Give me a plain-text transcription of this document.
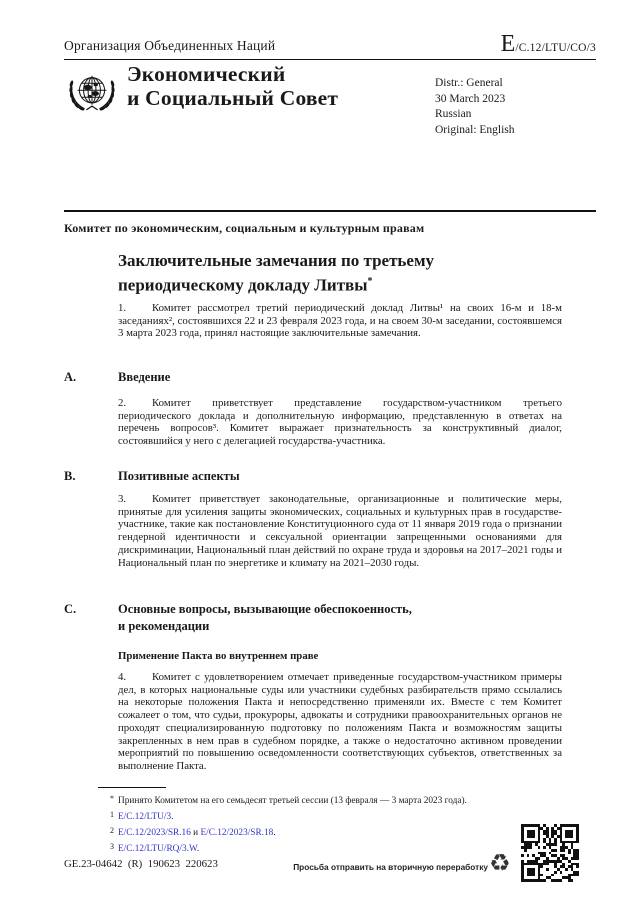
Организация Объединенных Наций	E /C.12/LTU/CO/3
Экономический
и Социальный Совет
Distr.: General
30 March 2023
Russian
Original: English
Комитет по экономическим, социальным и культурным правам
Заключительные замечания по третьему
периодическому докладу Литвы*
1. Комитет рассмотрел третий периодический доклад Литвы¹ на своих 16-м и 18-м заседаниях², состоявшихся 22 и 23 февраля 2023 года, и на своем 30-м заседании, состоявшемся 3 марта 2023 года, принял настоящие заключительные замечания.
A.	Введение
2. Комитет приветствует представление государством-участником третьего периодического доклада и дополнительную информацию, представленную в ответах на перечень вопросов³. Комитет выражает признательность за конструктивный диалог, состоявшийся у него с делегацией государства-участника.
B.	Позитивные аспекты
3. Комитет приветствует законодательные, организационные и политические меры, принятые для усиления защиты экономических, социальных и культурных прав в государстве-участнике, такие как постановление Конституционного суда от 11 января 2019 года о признании гендерной идентичности и сексуальной ориентации запрещенными основаниями для дискриминации, Национальный план действий по охране труда и здоровья на 2017–2021 годы и Национальный план по энергетике и климату на 2021–2030 годы.
C.	Основные вопросы, вызывающие обеспокоенность,
и рекомендации
Применение Пакта во внутреннем праве
4. Комитет с удовлетворением отмечает приведенные государством-участником примеры дел, в которых национальные суды или участники судебных разбирательств прямо ссылались на некоторые положения Пакта и непосредственно применяли их. Вместе с тем Комитет сожалеет о том, что судьи, прокуроры, адвокаты и сотрудники правоохранительных органов не проходят специализированную подготовку по положениям Пакта и возможностям защиты закрепленных в нем прав в судебном порядке, а также о недостаточно активном проведении мероприятий по повышению осведомленности соответствующих субъектов, ответственных за выполнение Пакта.
* Принято Комитетом на его семьдесят третьей сессии (13 февраля — 3 марта 2023 года).
1 E/C.12/LTU/3.
2 E/C.12/2023/SR.16 и E/C.12/2023/SR.18.
3 E/C.12/LTU/RQ/3.W.
GE.23-04642  (R)  190623  220623	Просьба отправить на вторичную переработку ♻
